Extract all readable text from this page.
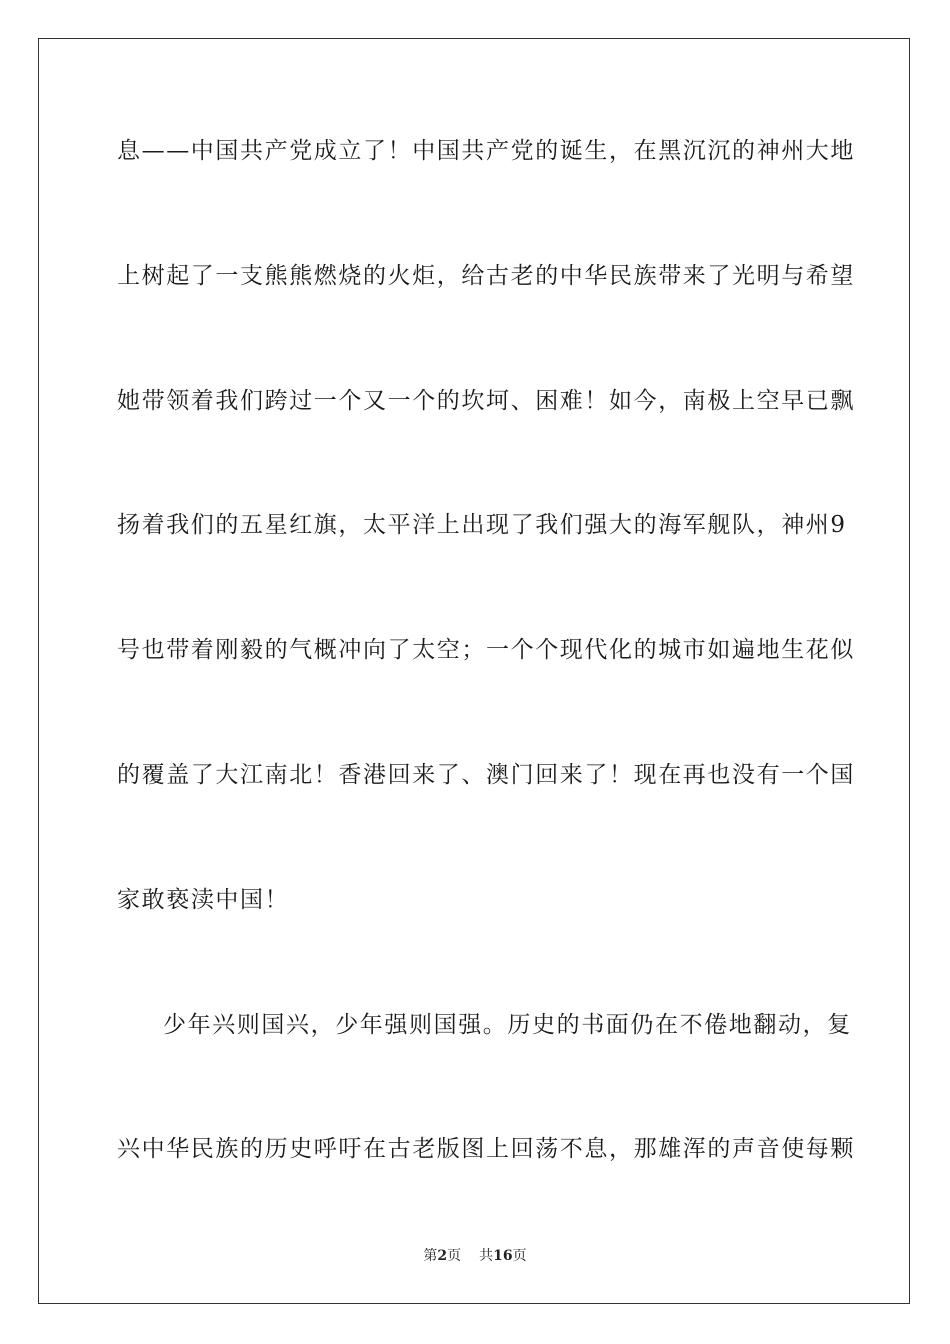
息——中国共产党成立了！中国共产党的诞生，在黑沉沉的神州大地
上树起了一支熊熊燃烧的火炬，给古老的中华民族带来了光明与希望
她带领着我们跨过一个又一个的坎坷、困难！如今，南极上空早已飘
扬着我们的五星红旗，太平洋上出现了我们强大的海军舰队，神州9
号也带着刚毅的气概冲向了太空；一个个现代化的城市如遍地生花似
的覆盖了大江南北！香港回来了、澳门回来了！现在再也没有一个国
家敢亵渎中国！
少年兴则国兴，少年强则国强。历史的书面仍在不倦地翻动，复
兴中华民族的历史呼吁在古老版图上回荡不息，那雄浑的声音使每颗
第2页 共16页
